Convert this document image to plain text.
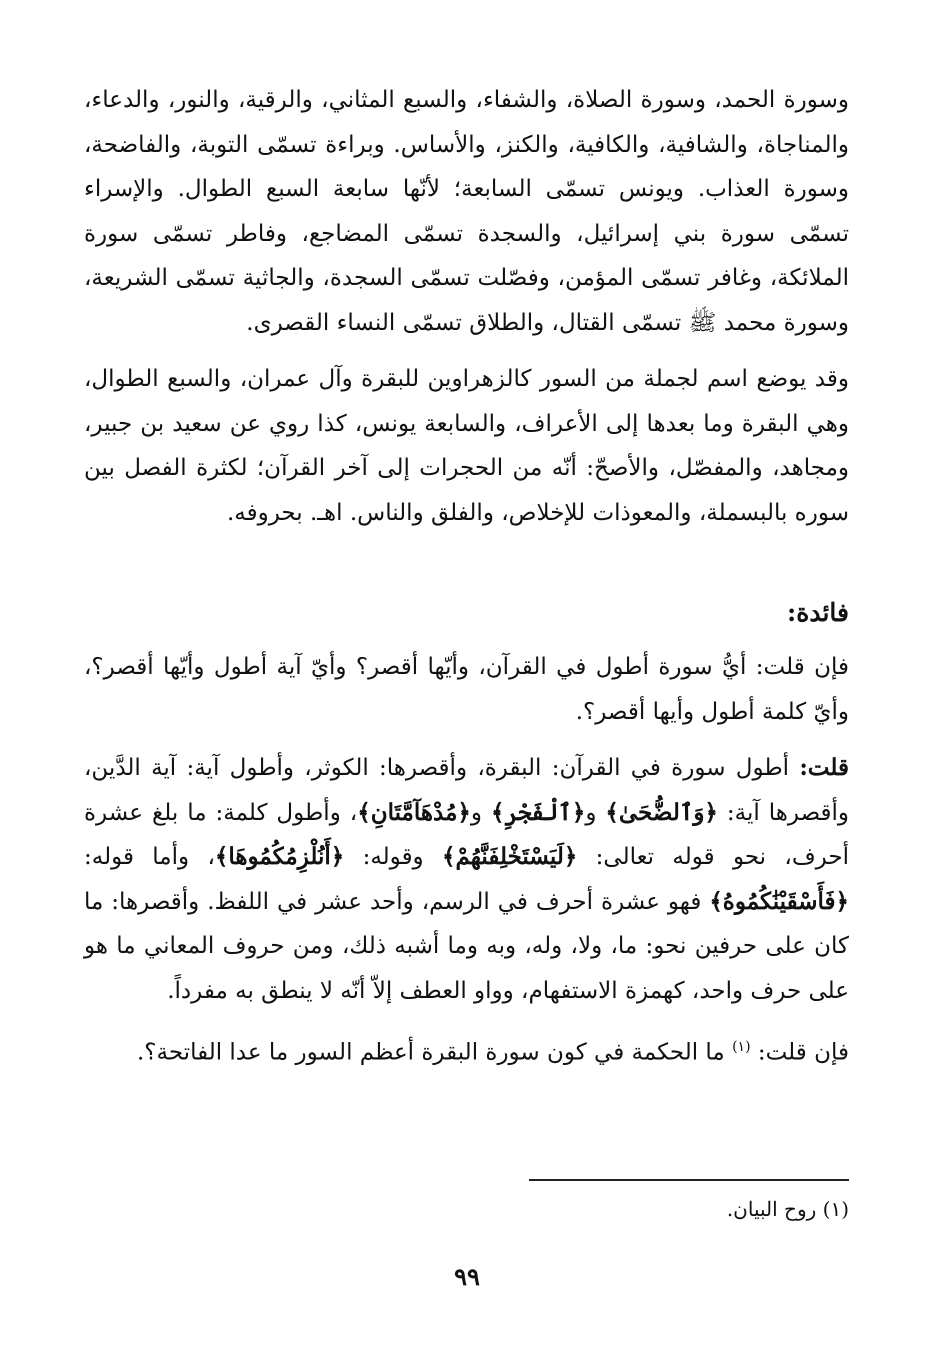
وسورة الحمد، وسورة الصلاة، والشفاء، والسبع المثاني، والرقية، والنور، والدعاء، والمناجاة، والشافية، والكافية، والكنز، والأساس. وبراءة تسمّى التوبة، والفاضحة، وسورة العذاب. ويونس تسمّى السابعة؛ لأنّها سابعة السبع الطوال. والإسراء تسمّى سورة بني إسرائيل، والسجدة تسمّى المضاجع، وفاطر تسمّى سورة الملائكة، وغافر تسمّى المؤمن، وفصّلت تسمّى السجدة، والجاثية تسمّى الشريعة، وسورة محمد ﷺ تسمّى القتال، والطلاق تسمّى النساء القصرى.

وقد يوضع اسم لجملة من السور كالزهراوين للبقرة وآل عمران، والسبع الطوال، وهي البقرة وما بعدها إلى الأعراف، والسابعة يونس، كذا روي عن سعيد بن جبير، ومجاهد، والمفصّل، والأصحّ: أنّه من الحجرات إلى آخر القرآن؛ لكثرة الفصل بين سوره بالبسملة، والمعوذات للإخلاص، والفلق والناس. اهـ. بحروفه.

فائدة:

فإن قلت: أيُّ سورة أطول في القرآن، وأيّها أقصر؟ وأيّ آية أطول وأيّها أقصر؟، وأيّ كلمة أطول وأيها أقصر؟.

قلت: أطول سورة في القرآن: البقرة، وأقصرها: الكوثر، وأطول آية: آية الدَّين، وأقصرها آية: ﴿وَٱلضُّحَىٰ﴾ و﴿ٱلْفَجْرِ﴾ و﴿مُدْهَآمَّتَانِ﴾، وأطول كلمة: ما بلغ عشرة أحرف، نحو قوله تعالى: ﴿لَيَسْتَخْلِفَنَّهُمْ﴾ وقوله: ﴿أَنُلْزِمُكُمُوهَا﴾، وأما قوله: ﴿فَأَسْقَيْنَٰكُمُوهُ﴾ فهو عشرة أحرف في الرسم، وأحد عشر في اللفظ. وأقصرها: ما كان على حرفين نحو: ما، ولا، وله، وبه وما أشبه ذلك، ومن حروف المعاني ما هو على حرف واحد، كهمزة الاستفهام، وواو العطف إلاّ أنّه لا ينطق به مفرداً.

فإن قلت: $^{(١)}$ ما الحكمة في كون سورة البقرة أعظم السور ما عدا الفاتحة؟.

(١) روح البيان.
٩٩
